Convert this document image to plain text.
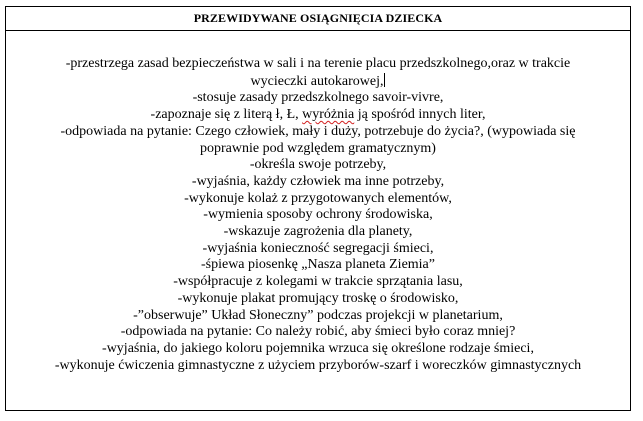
PRZEWIDYWANE OSIĄGNIĘCIA DZIECKA
-przestrzega zasad bezpieczeństwa w sali i na terenie placu przedszkolnego,oraz w trakcie
wycieczki autokarowej,
-stosuje zasady przedszkolnego savoir-vivre,
-zapoznaje się z literą ł, Ł, wyróżnia ją spośród innych liter,
-odpowiada na pytanie: Czego człowiek, mały i duży, potrzebuje do życia?, (wypowiada się
poprawnie pod względem gramatycznym)
-określa swoje potrzeby,
-wyjaśnia, każdy człowiek ma inne potrzeby,
-wykonuje kolaż z przygotowanych elementów,
-wymienia sposoby ochrony środowiska,
-wskazuje zagrożenia dla planety,
-wyjaśnia konieczność segregacji śmieci,
-śpiewa piosenkę „Nasza planeta Ziemia”
-współpracuje z kolegami w trakcie sprzątania lasu,
-wykonuje plakat promujący troskę o środowisko,
-”obserwuje” Układ Słoneczny” podczas projekcji w planetarium,
-odpowiada na pytanie: Co należy robić, aby śmieci było coraz mniej?
-wyjaśnia, do jakiego koloru pojemnika wrzuca się określone rodzaje śmieci,
-wykonuje ćwiczenia gimnastyczne z użyciem przyborów-szarf i woreczków gimnastycznych
